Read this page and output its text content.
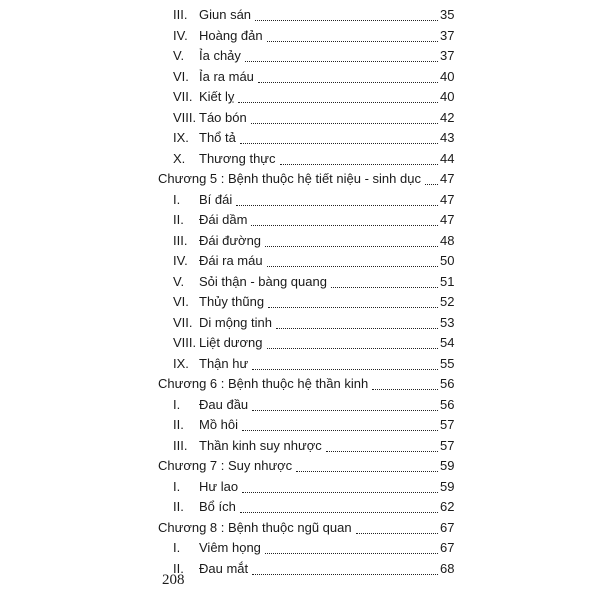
III. Giun sán	35
IV. Hoàng đản	37
V. Ỉa chảy	37
VI. Ỉa ra máu	40
VII. Kiết lỵ	40
VIII. Táo bón	42
IX. Thổ tả	43
X. Thương thực	44
Chương 5 : Bệnh thuộc hệ tiết niệu - sinh dục 47
I. Bí đái	47
II. Đái dầm	47
III. Đái đường	48
IV. Đái ra máu	50
V. Sỏi thận - bàng quang	51
VI. Thủy thũng	52
VII. Di mộng tinh	53
VIII. Liệt dương	54
IX. Thận hư	55
Chương 6 : Bệnh thuộc hệ thần kinh	56
I. Đau đầu	56
II. Mồ hôi	57
III. Thần kinh suy nhược	57
Chương 7 : Suy nhược	59
I. Hư lao	59
II. Bổ ích	62
Chương 8 : Bệnh thuộc ngũ quan	67
I. Viêm họng	67
II. Đau mắt	68
208
